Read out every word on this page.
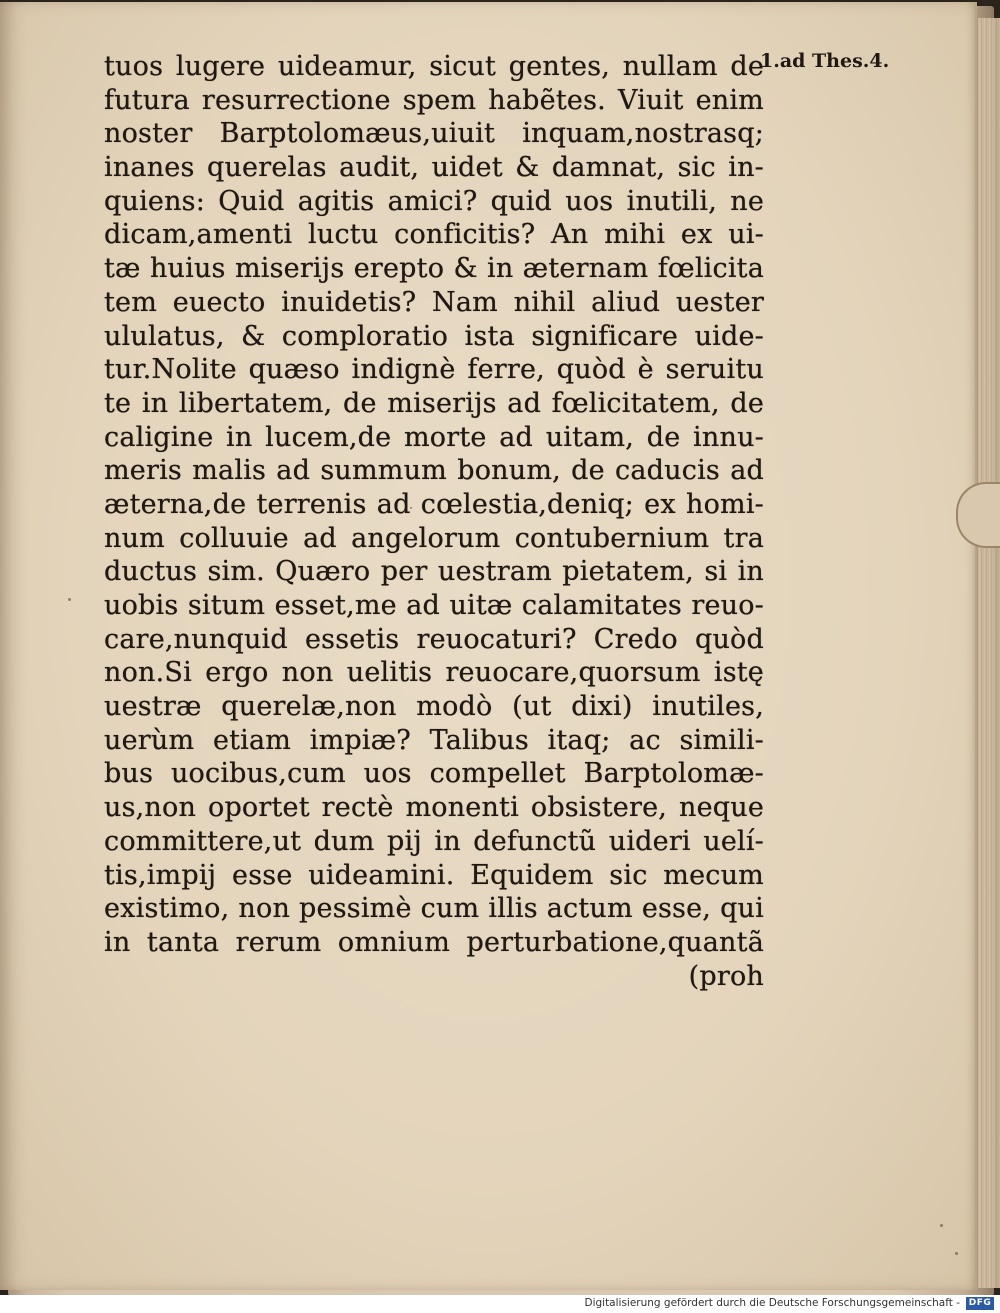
1.ad Thes.4.
tuos lugere uideamur, sicut gentes, nullam de
futura resurrectione spem habẽtes. Viuit enim
noster Barptolomæus,uiuit inquam,nostrasq;
inanes querelas audit, uidet & damnat, sic in-
quiens: Quid agitis amici? quid uos inutili, ne
dicam,amenti luctu conficitis? An mihi ex ui-
tæ huius miserijs erepto & in æternam fœlicita
tem euecto inuidetis? Nam nihil aliud uester
ululatus, & comploratio ista significare uide-
tur.Nolite quæso indignè ferre, quòd è seruitu
te in libertatem, de miserijs ad fœlicitatem, de
caligine in lucem,de morte ad uitam, de innu-
meris malis ad summum bonum, de caducis ad
æterna,de terrenis ad cœlestia,deniq; ex homi-
num colluuie ad angelorum contubernium tra
ductus sim. Quæro per uestram pietatem, si in
uobis situm esset,me ad uitæ calamitates reuo-
care,nunquid essetis reuocaturi? Credo quòd
non.Si ergo non uelitis reuocare,quorsum istę
uestræ querelæ,non modò (ut dixi) inutiles,
uerùm etiam impiæ? Talibus itaq; ac simili-
bus uocibus,cum uos compellet Barptolomæ-
us,non oportet rectè monenti obsistere, neque
committere,ut dum pij in defunctũ uideri uelí-
tis,impij esse uideamini. Equidem sic mecum
existimo, non pessimè cum illis actum esse, qui
in tanta rerum omnium perturbatione,quantã
(proh
Digitalisierung gefördert durch die Deutsche Forschungsgemeinschaft - DFG
